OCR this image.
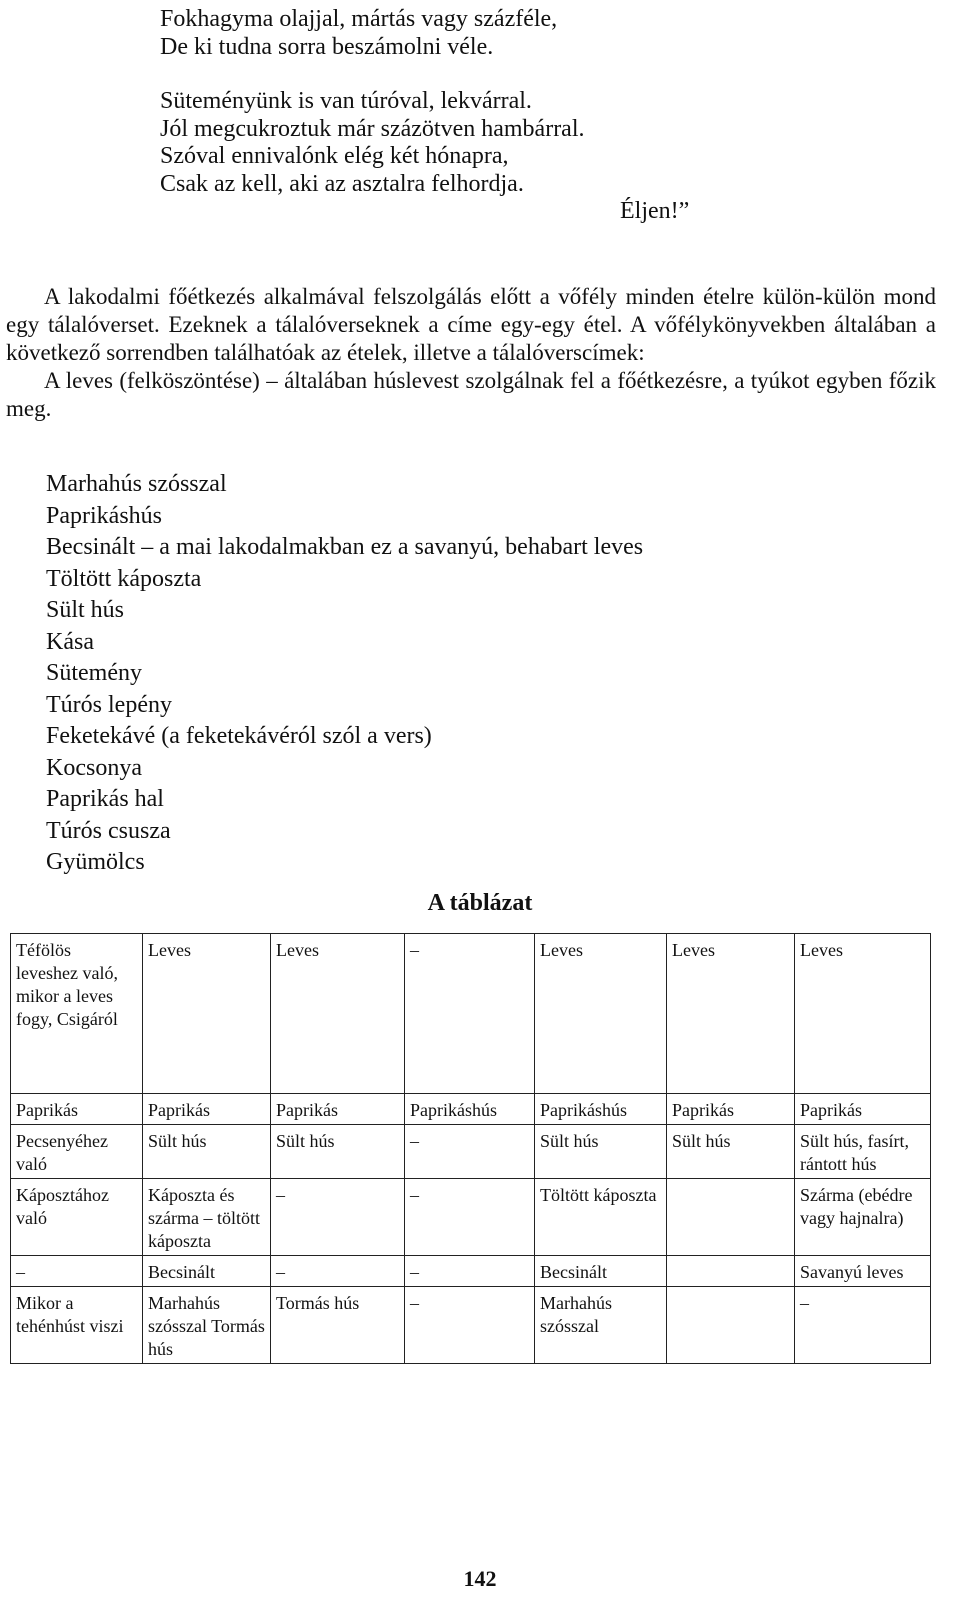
Fokhagyma olajjal, mártás vagy százféle,
De ki tudna sorra beszámolni véle.
Süteményünk is van túróval, lekvárral.
Jól megcukroztuk már százötven hambárral.
Szóval ennivalónk elég két hónapra,
Csak az kell, aki az asztalra felhordja.
Éljen!”

A lakodalmi főétkezés alkalmával felszolgálás előtt a vőfély minden ételre külön-külön mond egy tálalóverset. Ezeknek a tálalóverseknek a címe egy-egy étel. A vőfélykönyvekben általában a következő sorrendben találhatóak az ételek, illetve a tálalóverscímek:

A leves (felköszöntése) – általában húslevest szolgálnak fel a főétkezésre, a tyúkot egyben főzik meg.

Marhahús szósszal
Paprikáshús
Becsinált – a mai lakodalmakban ez a savanyú, behabart leves
Töltött káposzta
Sült hús
Kása
Sütemény
Túrós lepény
Feketekávé (a feketekávéról szól a vers)
Kocsonya
Paprikás hal
Túrós csusza
Gyümölcs
A táblázat
Téfölös leveshez való, mikor a leves fogy, Csigáról	Leves	Leves	–	Leves	Leves	Leves
Paprikás	Paprikás	Paprikás	Paprikáshús	Paprikáshús	Paprikás	Paprikás
Pecsenyéhez való	Sült hús	Sült hús	–	Sült hús	Sült hús	Sült hús, fasírt, rántott hús
Káposztához való	Káposzta és szárma – töltött káposzta	–	–	Töltött káposzta		Szárma (ebédre vagy hajnalra)
–	Becsinált	–	–	Becsinált		Savanyú leves
Mikor a tehénhúst viszi	Marhahús szósszal Tormás hús	Tormás hús	–	Marhahús szósszal		–
142
